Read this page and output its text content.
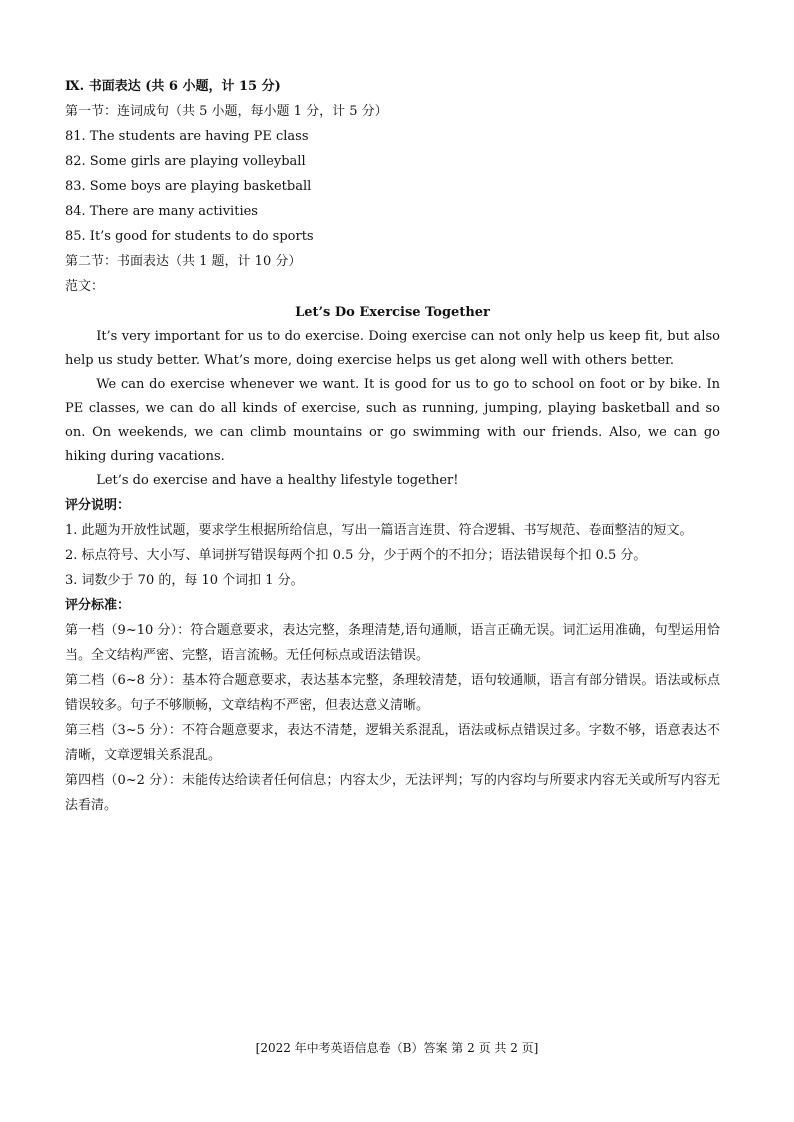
Ⅸ. 书面表达 (共 6 小题，计 15 分)
第一节：连词成句（共 5 小题，每小题 1 分，计 5 分）
81. The students are having PE class
82. Some girls are playing volleyball
83. Some boys are playing basketball
84. There are many activities
85. It’s good for students to do sports
第二节：书面表达（共 1 题，计 10 分）
范文：
Let’s Do Exercise Together
It’s very important for us to do exercise. Doing exercise can not only help us keep fit, but also help us study better. What’s more, doing exercise helps us get along well with others better.
We can do exercise whenever we want. It is good for us to go to school on foot or by bike. In PE classes, we can do all kinds of exercise, such as running, jumping, playing basketball and so on. On weekends, we can climb mountains or go swimming with our friends. Also, we can go hiking during vacations.
Let’s do exercise and have a healthy lifestyle together!
评分说明：
1. 此题为开放性试题，要求学生根据所给信息，写出一篇语言连贯、符合逻辑、书写规范、卷面整洁的短文。
2. 标点符号、大小写、单词拼写错误每两个扣 0.5 分，少于两个的不扣分；语法错误每个扣 0.5 分。
3. 词数少于 70 的，每 10 个词扣 1 分。
评分标准：
第一档（9~10 分）：符合题意要求，表达完整，条理清楚,语句通顺，语言正确无误。词汇运用准确，句型运用恰当。全文结构严密、完整，语言流畅。无任何标点或语法错误。
第二档（6~8 分）：基本符合题意要求，表达基本完整，条理较清楚，语句较通顺，语言有部分错误。语法或标点错误较多。句子不够顺畅，文章结构不严密，但表达意义清晰。
第三档（3~5 分）：不符合题意要求，表达不清楚，逻辑关系混乱，语法或标点错误过多。字数不够，语意表达不清晰，文章逻辑关系混乱。
第四档（0~2 分）：未能传达给读者任何信息；内容太少，无法评判；写的内容均与所要求内容无关或所写内容无法看清。
[2022 年中考英语信息卷（B）答案 第 2 页 共 2 页]
